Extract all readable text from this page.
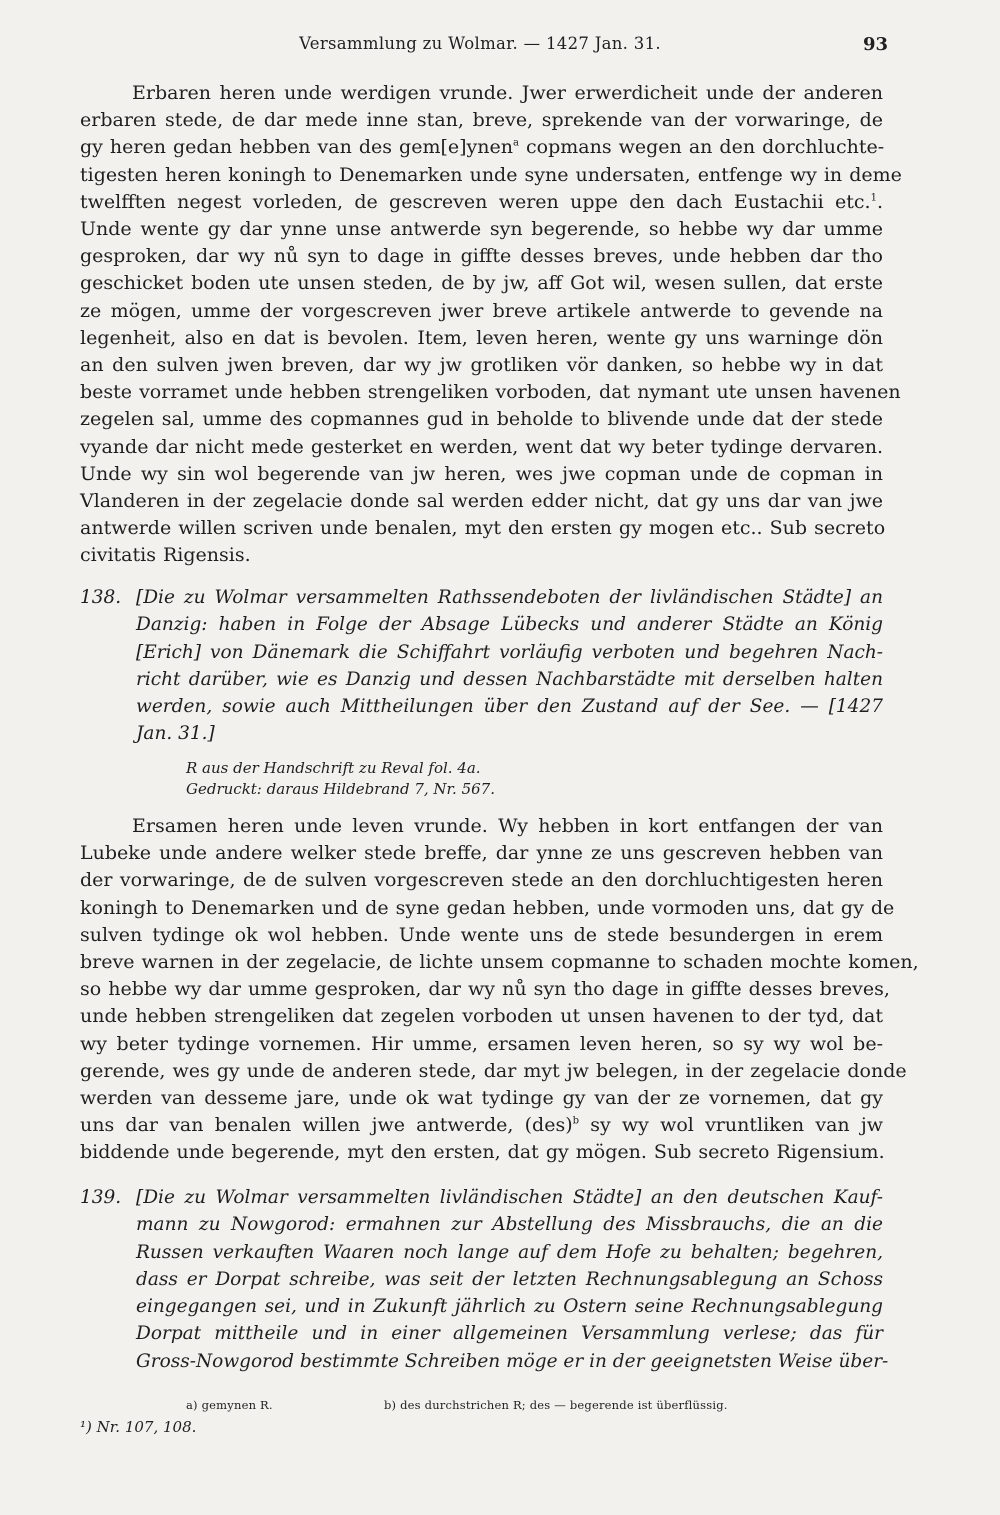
Versammlung zu Wolmar. — 1427 Jan. 31.	93
Erbaren heren unde werdigen vrunde. Jwer erwerdicheit unde der anderen
erbaren stede, de dar mede inne stan, breve, sprekende van der vorwaringe, de
gy heren gedan hebben van des gem[e]ynen$^a$ copmans wegen an den dorchluchte-
tigesten heren koningh to Denemarken unde syne undersaten, entfenge wy in deme
twelfften negest vorleden, de gescreven weren uppe den dach Eustachii etc.$^1$.
Unde wente gy dar ynne unse antwerde syn begerende, so hebbe wy dar umme
gesproken, dar wy nů syn to dage in giffte desses breves, unde hebben dar tho
geschicket boden ute unsen steden, de by jw, aff Got wil, wesen sullen, dat erste
ze mögen, umme der vorgescreven jwer breve artikele antwerde to gevende na
legenheit, also en dat is bevolen. Item, leven heren, wente gy uns warninge dön
an den sulven jwen breven, dar wy jw grotliken vör danken, so hebbe wy in dat
beste vorramet unde hebben strengeliken vorboden, dat nymant ute unsen havenen
zegelen sal, umme des copmannes gud in beholde to blivende unde dat der stede
vyande dar nicht mede gesterket en werden, went dat wy beter tydinge dervaren.
Unde wy sin wol begerende van jw heren, wes jwe copman unde de copman in
Vlanderen in der zegelacie donde sal werden edder nicht, dat gy uns dar van jwe
antwerde willen scriven unde benalen, myt den ersten gy mogen etc.. Sub secreto
civitatis Rigensis.
138. [Die zu Wolmar versammelten Rathssendeboten der livländischen Städte] an
Danzig: haben in Folge der Absage Lübecks und anderer Städte an König
[Erich] von Dänemark die Schiffahrt vorläufig verboten und begehren Nach-
richt darüber, wie es Danzig und dessen Nachbarstädte mit derselben halten
werden, sowie auch Mittheilungen über den Zustand auf der See. — [1427
Jan. 31.]
R aus der Handschrift zu Reval fol. 4a.
Gedruckt: daraus Hildebrand 7, Nr. 567.
Ersamen heren unde leven vrunde. Wy hebben in kort entfangen der van
Lubeke unde andere welker stede breffe, dar ynne ze uns gescreven hebben van
der vorwaringe, de de sulven vorgescreven stede an den dorchluchtigesten heren
koningh to Denemarken und de syne gedan hebben, unde vormoden uns, dat gy de
sulven tydinge ok wol hebben. Unde wente uns de stede besundergen in erem
breve warnen in der zegelacie, de lichte unsem copmanne to schaden mochte komen,
so hebbe wy dar umme gesproken, dar wy nů syn tho dage in giffte desses breves,
unde hebben strengeliken dat zegelen vorboden ut unsen havenen to der tyd, dat
wy beter tydinge vornemen. Hir umme, ersamen leven heren, so sy wy wol be-
gerende, wes gy unde de anderen stede, dar myt jw belegen, in der zegelacie donde
werden van desseme jare, unde ok wat tydinge gy van der ze vornemen, dat gy
uns dar van benalen willen jwe antwerde, (des)$^b$ sy wy wol vruntliken van jw
biddende unde begerende, myt den ersten, dat gy mögen. Sub secreto Rigensium.
139. [Die zu Wolmar versammelten livländischen Städte] an den deutschen Kauf-
mann zu Nowgorod: ermahnen zur Abstellung des Missbrauchs, die an die
Russen verkauften Waaren noch lange auf dem Hofe zu behalten; begehren,
dass er Dorpat schreibe, was seit der letzten Rechnungsablegung an Schoss
eingegangen sei, und in Zukunft jährlich zu Ostern seine Rechnungsablegung
Dorpat mittheile und in einer allgemeinen Versammlung verlese; das für
Gross-Nowgorod bestimmte Schreiben möge er in der geeignetsten Weise über-
a) gemynen R.	b) des durchstrichen R; des — begerende ist überflüssig.
¹) Nr. 107, 108.
